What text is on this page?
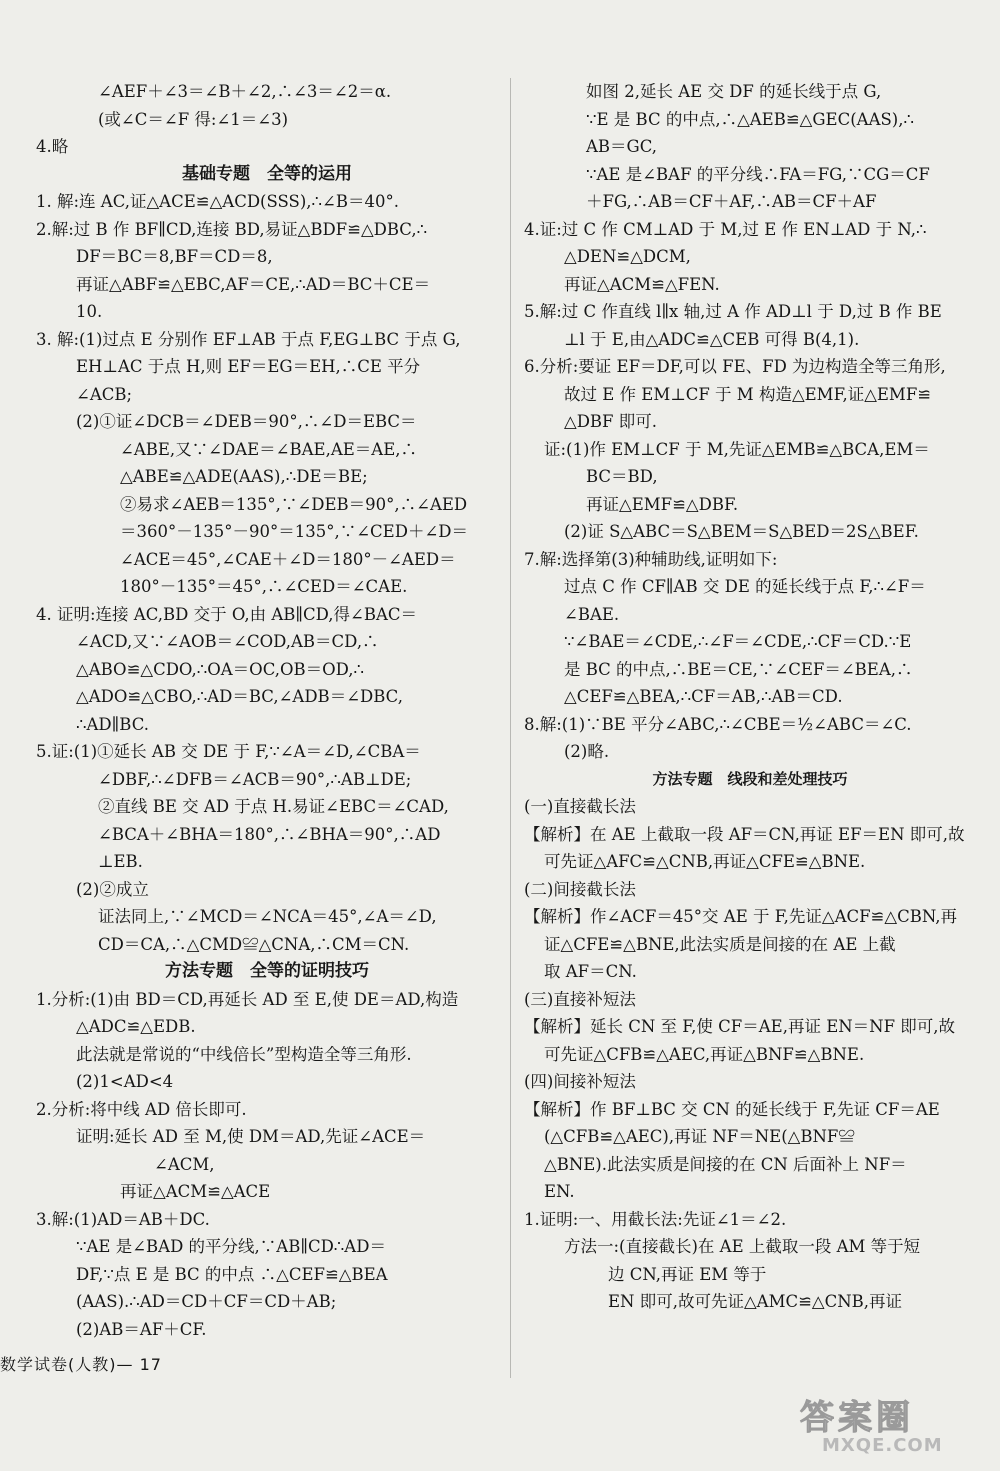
∠AEF＋∠3＝∠B＋∠2,∴∠3＝∠2＝α.
(或∠C＝∠F 得:∠1＝∠3)
4.略
基础专题　全等的运用
1. 解:连 AC,证△ACE≌△ACD(SSS),∴∠B＝40°.
2.解:过 B 作 BF∥CD,连接 BD,易证△BDF≌△DBC,∴
DF＝BC＝8,BF＝CD＝8,
再证△ABF≌△EBC,AF＝CE,∴AD＝BC＋CE＝
10.
3. 解:(1)过点 E 分别作 EF⊥AB 于点 F,EG⊥BC 于点 G,
EH⊥AC 于点 H,则 EF＝EG＝EH,∴CE 平分
∠ACB;
(2)①证∠DCB＝∠DEB＝90°,∴∠D＝EBC＝
∠ABE,又∵∠DAE＝∠BAE,AE＝AE,∴
△ABE≌△ADE(AAS),∴DE＝BE;
②易求∠AEB＝135°,∵∠DEB＝90°,∴∠AED
＝360°－135°－90°＝135°,∵∠CED＋∠D＝
∠ACE＝45°,∠CAE＋∠D＝180°－∠AED＝
180°－135°＝45°,∴∠CED＝∠CAE.
4. 证明:连接 AC,BD 交于 O,由 AB∥CD,得∠BAC＝
∠ACD,又∵∠AOB＝∠COD,AB＝CD,∴
△ABO≌△CDO,∴OA＝OC,OB＝OD,∴
△ADO≌△CBO,∴AD＝BC,∠ADB＝∠DBC,
∴AD∥BC.
5.证:(1)①延长 AB 交 DE 于 F,∵∠A＝∠D,∠CBA＝
∠DBF,∴∠DFB＝∠ACB＝90°,∴AB⊥DE;
②直线 BE 交 AD 于点 H.易证∠EBC＝∠CAD,
∠BCA＋∠BHA＝180°,∴∠BHA＝90°,∴AD
⊥EB.
(2)②成立
证法同上,∵∠MCD＝∠NCA＝45°,∠A＝∠D,
CD＝CA,∴△CMD≌△CNA,∴CM＝CN.
方法专题　全等的证明技巧
1.分析:(1)由 BD＝CD,再延长 AD 至 E,使 DE＝AD,构造
△ADC≌△EDB.
此法就是常说的“中线倍长”型构造全等三角形.
(2)1<AD<4
2.分析:将中线 AD 倍长即可.
证明:延长 AD 至 M,使 DM＝AD,先证∠ACE＝
∠ACM,
再证△ACM≌△ACE
3.解:(1)AD＝AB＋DC.
∵AE 是∠BAD 的平分线,∵AB∥CD∴AD＝
DF,∵点 E 是 BC 的中点 ∴△CEF≌△BEA
(AAS).∴AD＝CD＋CF＝CD＋AB;
(2)AB＝AF＋CF.
如图 2,延长 AE 交 DF 的延长线于点 G,
∵E 是 BC 的中点,∴△AEB≌△GEC(AAS),∴
AB＝GC,
∵AE 是∠BAF 的平分线∴FA＝FG,∵CG＝CF
＋FG,∴AB＝CF＋AF,∴AB＝CF＋AF
4.证:过 C 作 CM⊥AD 于 M,过 E 作 EN⊥AD 于 N,∴
△DEN≌△DCM,
再证△ACM≌△FEN.
5.解:过 C 作直线 l∥x 轴,过 A 作 AD⊥l 于 D,过 B 作 BE
⊥l 于 E,由△ADC≌△CEB 可得 B(4,1).
6.分析:要证 EF＝DF,可以 FE、FD 为边构造全等三角形,
故过 E 作 EM⊥CF 于 M 构造△EMF,证△EMF≌
△DBF 即可.
证:(1)作 EM⊥CF 于 M,先证△EMB≌△BCA,EM＝
BC＝BD,
再证△EMF≌△DBF.
(2)证 S△ABC＝S△BEM＝S△BED＝2S△BEF.
7.解:选择第(3)种辅助线,证明如下:
过点 C 作 CF∥AB 交 DE 的延长线于点 F,∴∠F＝
∠BAE.
∵∠BAE＝∠CDE,∴∠F＝∠CDE,∴CF＝CD.∵E
是 BC 的中点,∴BE＝CE,∵∠CEF＝∠BEA,∴
△CEF≌△BEA,∴CF＝AB,∴AB＝CD.
8.解:(1)∵BE 平分∠ABC,∴∠CBE＝½∠ABC＝∠C.
(2)略.
方法专题　线段和差处理技巧
(一)直接截长法
【解析】在 AE 上截取一段 AF＝CN,再证 EF＝EN 即可,故
可先证△AFC≌△CNB,再证△CFE≌△BNE.
(二)间接截长法
【解析】作∠ACF＝45°交 AE 于 F,先证△ACF≌△CBN,再
证△CFE≌△BNE,此法实质是间接的在 AE 上截
取 AF＝CN.
(三)直接补短法
【解析】延长 CN 至 F,使 CF＝AE,再证 EN＝NF 即可,故
可先证△CFB≌△AEC,再证△BNF≌△BNE.
(四)间接补短法
【解析】作 BF⊥BC 交 CN 的延长线于 F,先证 CF＝AE
(△CFB≌△AEC),再证 NF＝NE(△BNF≌
△BNE).此法实质是间接的在 CN 后面补上 NF＝
EN.
1.证明:一、用截长法:先证∠1＝∠2.
方法一:(直接截长)在 AE 上截取一段 AM 等于短
边 CN,再证 EM 等于
EN 即可,故可先证△AMC≌△CNB,再证
数学试卷(人教)— 17
答案圈
MXQE.COM
